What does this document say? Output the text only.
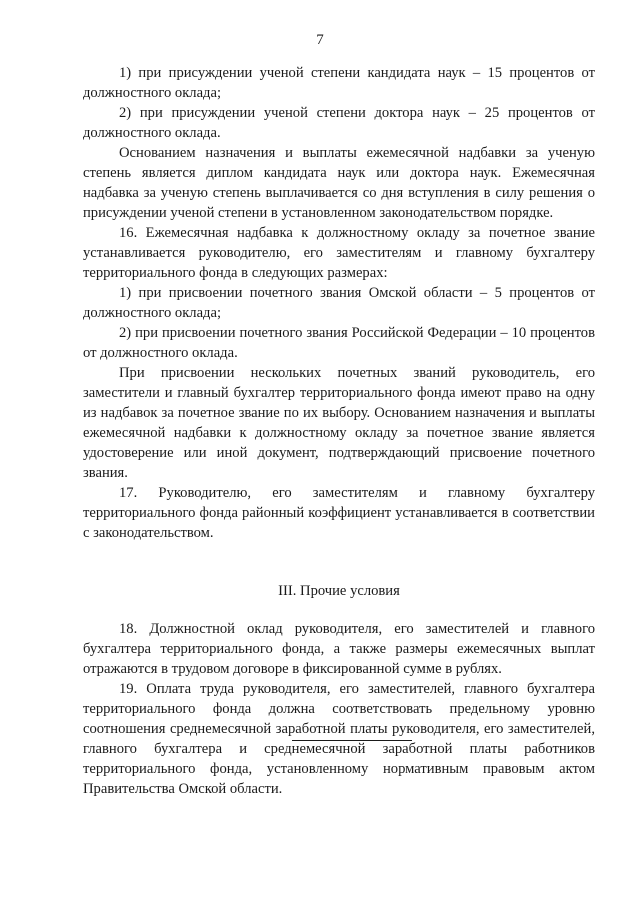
7

1) при присуждении ученой степени кандидата наук – 15 процентов от должностного оклада;

2) при присуждении ученой степени доктора наук – 25 процентов от должностного оклада.

Основанием назначения и выплаты ежемесячной надбавки за ученую степень является диплом кандидата наук или доктора наук. Ежемесячная надбавка за ученую степень выплачивается со дня вступления в силу решения о присуждении ученой степени в установленном законодательством порядке.

16. Ежемесячная надбавка к должностному окладу за почетное звание устанавливается руководителю, его заместителям и главному бухгалтеру территориального фонда в следующих размерах:

1) при присвоении почетного звания Омской области – 5 процентов от должностного оклада;

2) при присвоении почетного звания Российской Федерации – 10 процентов от должностного оклада.

При присвоении нескольких почетных званий руководитель, его заместители и главный бухгалтер территориального фонда имеют право на одну из надбавок за почетное звание по их выбору. Основанием назначения и выплаты ежемесячной надбавки к должностному окладу за почетное звание является удостоверение или иной документ, подтверждающий присвоение почетного звания.

17. Руководителю, его заместителям и главному бухгалтеру территориального фонда районный коэффициент устанавливается в соответствии с законодательством.

III. Прочие условия

18. Должностной оклад руководителя, его заместителей и главного бухгалтера территориального фонда, а также размеры ежемесячных выплат отражаются в трудовом договоре в фиксированной сумме в рублях.

19. Оплата труда руководителя, его заместителей, главного бухгалтера территориального фонда должна соответствовать предельному уровню соотношения среднемесячной заработной платы руководителя, его заместителей, главного бухгалтера и среднемесячной заработной платы работников территориального фонда, установленному нормативным правовым актом Правительства Омской области.
